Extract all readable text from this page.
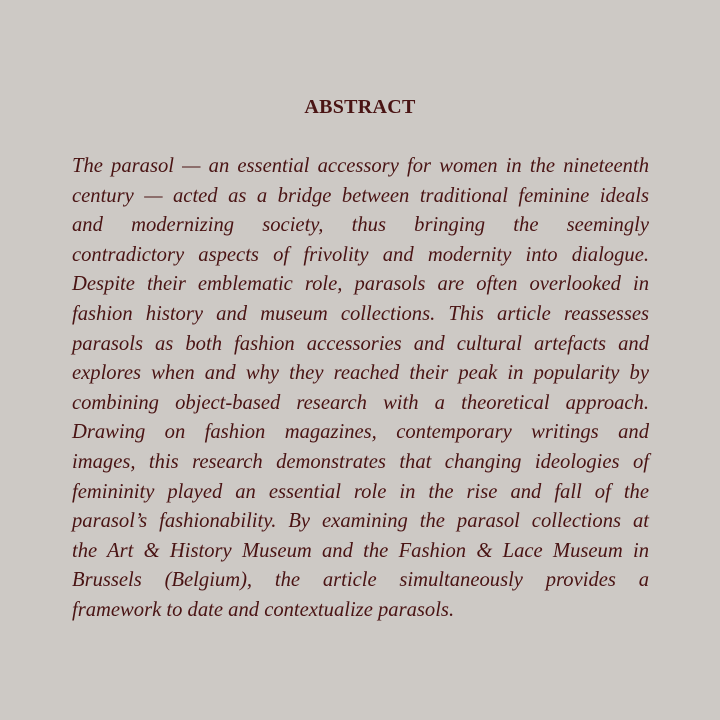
ABSTRACT
The parasol — an essential accessory for women in the nineteenth
century — acted as a bridge between traditional feminine ideals
and modernizing society, thus bringing the seemingly
contradictory aspects of frivolity and modernity into dialogue.
Despite their emblematic role, parasols are often overlooked in
fashion history and museum collections. This article reassesses
parasols as both fashion accessories and cultural artefacts and
explores when and why they reached their peak in popularity by
combining object-based research with a theoretical approach.
Drawing on fashion magazines, contemporary writings and
images, this research demonstrates that changing ideologies of
femininity played an essential role in the rise and fall of the
parasol’s fashionability. By examining the parasol collections at
the Art & History Museum and the Fashion & Lace Museum in
Brussels (Belgium), the article simultaneously provides a
framework to date and contextualize parasols.
